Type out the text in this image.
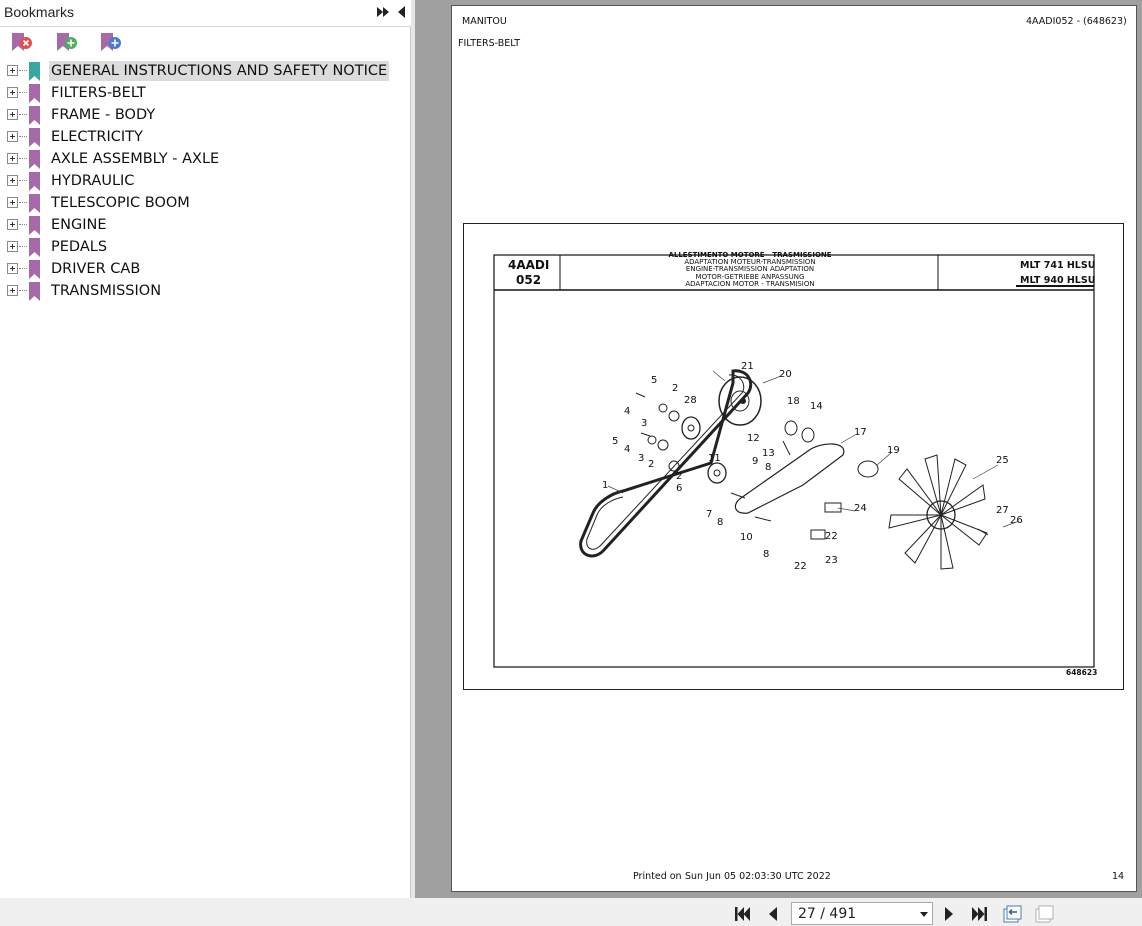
Bookmarks
GENERAL INSTRUCTIONS AND SAFETY NOTICE
FILTERS-BELT
FRAME - BODY
ELECTRICITY
AXLE ASSEMBLY - AXLE
HYDRAULIC
TELESCOPIC BOOM
ENGINE
PEDALS
DRIVER CAB
TRANSMISSION
MANITOU	4AADI052 - (648623)
FILTERS-BELT
5
2
4
3
28
5
4
3
2
2
6
11
1
7
8
10
8
21
20
18 14
12
13
9
8
17
19
24
22
23
22
25
27
26
4AADI
052
ALLESTIMENTO MOTORE - TRASMISSIONE
ADAPTATION MOTEUR-TRANSMISSION
ENGINE-TRANSMISSION ADAPTATION
MOTOR-GETRIEBE ANPASSUNG
ADAPTACION MOTOR - TRANSMISION
MLT 741 HLSU
MLT 940 HLSU
648623
Printed on Sun Jun 05 02:03:30 UTC 2022	14
27 / 491
